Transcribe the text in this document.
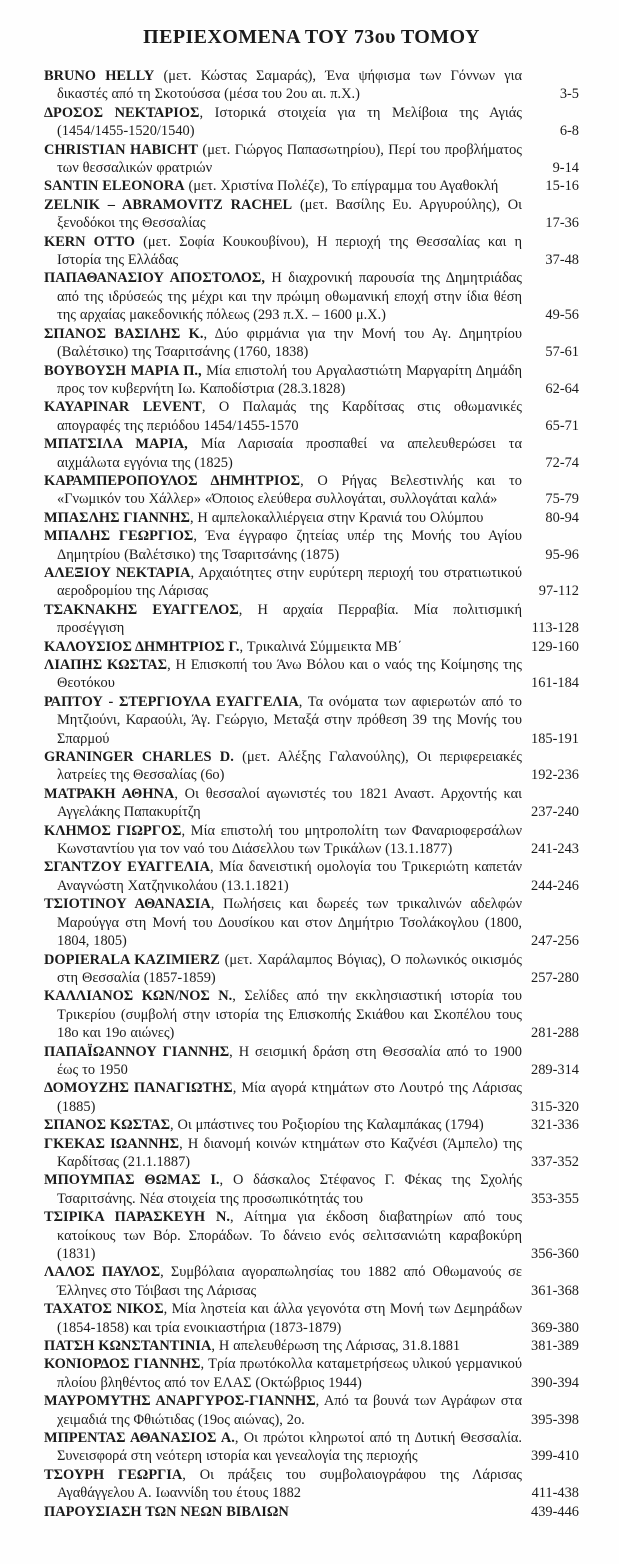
ΠΕΡΙΕΧΟΜΕΝΑ ΤΟΥ 73ου ΤΟΜΟΥ
BRUNO HELLY (μετ. Κώστας Σαμαράς), Ένα ψήφισμα των Γόννων για δικαστές από τη Σκοτούσσα (μέσα του 2ου αι. π.Χ.)	3-5
ΔΡΟΣΟΣ ΝΕΚΤΑΡΙΟΣ, Ιστορικά στοιχεία για τη Μελίβοια της Αγιάς (1454/1455-1520/1540)	6-8
CHRISTIAN HABICHT (μετ. Γιώργος Παπασωτηρίου), Περί του προβλήματος των θεσσαλικών φρατριών	9-14
SANTIN ELEONORA (μετ. Χριστίνα Πολέζε), Το επίγραμμα του Αγαθοκλή	15-16
ZELNIK – ABRAMOVITZ RACHEL (μετ. Βασίλης Ευ. Αργυρούλης), Οι ξενοδόκοι της Θεσσαλίας	17-36
KERN OTTO (μετ. Σοφία Κουκουβίνου), Η περιοχή της Θεσσαλίας και η Ιστορία της Ελλάδας	37-48
ΠΑΠΑΘΑΝΑΣΙΟΥ ΑΠΟΣΤΟΛΟΣ, Η διαχρονική παρουσία της Δημητριάδας από της ιδρύσεώς της μέχρι και την πρώιμη οθωμανική εποχή στην ίδια θέση της αρχαίας μακεδονικής πόλεως (293 π.Χ. – 1600 μ.Χ.)	49-56
ΣΠΑΝΟΣ ΒΑΣΙΛΗΣ Κ., Δύο φιρμάνια για την Μονή του Αγ. Δημητρίου (Βαλέτσικο) της Τσαριτσάνης (1760, 1838)	57-61
ΒΟΥΒΟΥΣΗ ΜΑΡΙΑ Π., Μία επιστολή του Αργαλαστιώτη Μαργαρίτη Δημάδη προς τον κυβερνήτη Ιω. Καποδίστρια (28.3.1828)	62-64
KAYAPINAR LEVENT, Ο Παλαμάς της Καρδίτσας στις οθωμανικές απογραφές της περιόδου 1454/1455-1570	65-71
ΜΠΑΤΣΙΛΑ ΜΑΡΙΑ, Μία Λαρισαία προσπαθεί να απελευθερώσει τα αιχμάλωτα εγγόνια της (1825)	72-74
ΚΑΡΑΜΠΕΡΟΠΟΥΛΟΣ ΔΗΜΗΤΡΙΟΣ, Ο Ρήγας Βελεστινλής και το «Γνωμικόν του Χάλλερ» «Όποιος ελεύθερα συλλογάται, συλλογάται καλά»	75-79
ΜΠΑΣΛΗΣ ΓΙΑΝΝΗΣ, Η αμπελοκαλλιέργεια στην Κρανιά του Ολύμπου	80-94
ΜΠΑΛΗΣ ΓΕΩΡΓΙΟΣ, Ένα έγγραφο ζητείας υπέρ της Μονής του Αγίου Δημητρίου (Βαλέτσικο) της Τσαριτσάνης (1875)	95-96
ΑΛΕΞΙΟΥ ΝΕΚΤΑΡΙΑ, Αρχαιότητες στην ευρύτερη περιοχή του στρατιωτικού αεροδρομίου της Λάρισας	97-112
ΤΣΑΚΝΑΚΗΣ ΕΥΑΓΓΕΛΟΣ, Η αρχαία Περραβία. Μία πολιτισμική προσέγγιση	113-128
ΚΑΛΟΥΣΙΟΣ ΔΗΜΗΤΡΙΟΣ Γ., Τρικαλινά Σύμμεικτα ΜΒ΄	129-160
ΛΙΑΠΗΣ ΚΩΣΤΑΣ, Η Επισκοπή του Άνω Βόλου και ο ναός της Κοίμησης της Θεοτόκου	161-184
ΡΑΠΤΟΥ - ΣΤΕΡΓΙΟΥΛΑ ΕΥΑΓΓΕΛΙΑ, Τα ονόματα των αφιερωτών από το Μητζιούνι, Καραούλι, Άγ. Γεώργιο, Μεταξά στην πρόθεση 39 της Μονής του Σπαρμού	185-191
GRANINGER CHARLES D. (μετ. Αλέξης Γαλανούλης), Οι περιφερειακές λατρείες της Θεσσαλίας (6ο)	192-236
ΜΑΤΡΑΚΗ ΑΘΗΝΑ, Οι θεσσαλοί αγωνιστές του 1821 Αναστ. Αρχοντής και Αγγελάκης Παπακυρίτζη	237-240
ΚΛΗΜΟΣ ΓΙΩΡΓΟΣ, Μία επιστολή του μητροπολίτη των Φαναριοφερσάλων Κωνσταντίου για τον ναό του Διάσελλου των Τρικάλων (13.1.1877)	241-243
ΣΓΑΝΤΖΟΥ ΕΥΑΓΓΕΛΙΑ, Μία δανειστική ομολογία του Τρικεριώτη καπετάν Αναγνώστη Χατζηνικολάου (13.1.1821)	244-246
ΤΣΙΟΤΙΝΟΥ ΑΘΑΝΑΣΙΑ, Πωλήσεις και δωρεές των τρικαλινών αδελφών Μαρούγγα στη Μονή του Δουσίκου και στον Δημήτριο Τσολάκογλου (1800, 1804, 1805)	247-256
DOPIERALA KAZIMIERZ (μετ. Χαράλαμπος Βόγιας), Ο πολωνικός οικισμός στη Θεσσαλία (1857-1859)	257-280
ΚΑΛΛΙΑΝΟΣ ΚΩΝ/ΝΟΣ Ν., Σελίδες από την εκκλησιαστική ιστορία του Τρικερίου (συμβολή στην ιστορία της Επισκοπής Σκιάθου και Σκοπέλου τους 18ο και 19ο αιώνες)	281-288
ΠΑΠΑΪΩΑΝΝΟΥ ΓΙΑΝΝΗΣ, Η σεισμική δράση στη Θεσσαλία από το 1900 έως το 1950	289-314
ΔΟΜΟΥΖΗΣ ΠΑΝΑΓΙΩΤΗΣ, Μία αγορά κτημάτων στο Λουτρό της Λάρισας (1885)	315-320
ΣΠΑΝΟΣ ΚΩΣΤΑΣ, Οι μπάστινες του Ροξιορίου της Καλαμπάκας (1794)	321-336
ΓΚΕΚΑΣ ΙΩΑΝΝΗΣ, Η διανομή κοινών κτημάτων στο Καζνέσι (Άμπελο) της Καρδίτσας (21.1.1887)	337-352
ΜΠΟΥΜΠΑΣ ΘΩΜΑΣ Ι., Ο δάσκαλος Στέφανος Γ. Φέκας της Σχολής Τσαριτσάνης. Νέα στοιχεία της προσωπικότητάς του	353-355
ΤΣΙΡΙΚΑ ΠΑΡΑΣΚΕΥΗ Ν., Αίτημα για έκδοση διαβατηρίων από τους κατοίκους των Βόρ. Σποράδων. Το δάνειο ενός σελιτσανιώτη καραβοκύρη (1831)	356-360
ΛΑΛΟΣ ΠΑΥΛΟΣ, Συμβόλαια αγοραπωλησίας του 1882 από Οθωμανούς σε Έλληνες στο Τόιβασι της Λάρισας	361-368
ΤΑΧΑΤΟΣ ΝΙΚΟΣ, Μία ληστεία και άλλα γεγονότα στη Μονή των Δεμηράδων (1854-1858) και τρία ενοικιαστήρια (1873-1879)	369-380
ΠΑΤΣΗ ΚΩΝΣΤΑΝΤΙΝΙΑ, Η απελευθέρωση της Λάρισας, 31.8.1881	381-389
ΚΟΝΙΟΡΔΟΣ ΓΙΑΝΝΗΣ, Τρία πρωτόκολλα καταμετρήσεως υλικού γερμανικού πλοίου βληθέντος από τον ΕΛΑΣ (Οκτώβριος 1944)	390-394
ΜΑΥΡΟΜΥΤΗΣ ΑΝΑΡΓΥΡΟΣ-ΓΙΑΝΝΗΣ, Από τα βουνά των Αγράφων στα χειμαδιά της Φθιώτιδας (19ος αιώνας), 2ο.	395-398
ΜΠΡΕΝΤΑΣ ΑΘΑΝΑΣΙΟΣ Α., Οι πρώτοι κληρωτοί από τη Δυτική Θεσσαλία. Συνεισφορά στη νεότερη ιστορία και γενεαλογία της περιοχής	399-410
ΤΣΟΥΡΗ ΓΕΩΡΓΙΑ, Οι πράξεις του συμβολαιογράφου της Λάρισας Αγαθάγγελου Α. Ιωαννίδη του έτους 1882	411-438
ΠΑΡΟΥΣΙΑΣΗ ΤΩΝ ΝΕΩΝ ΒΙΒΛΙΩΝ	439-446
